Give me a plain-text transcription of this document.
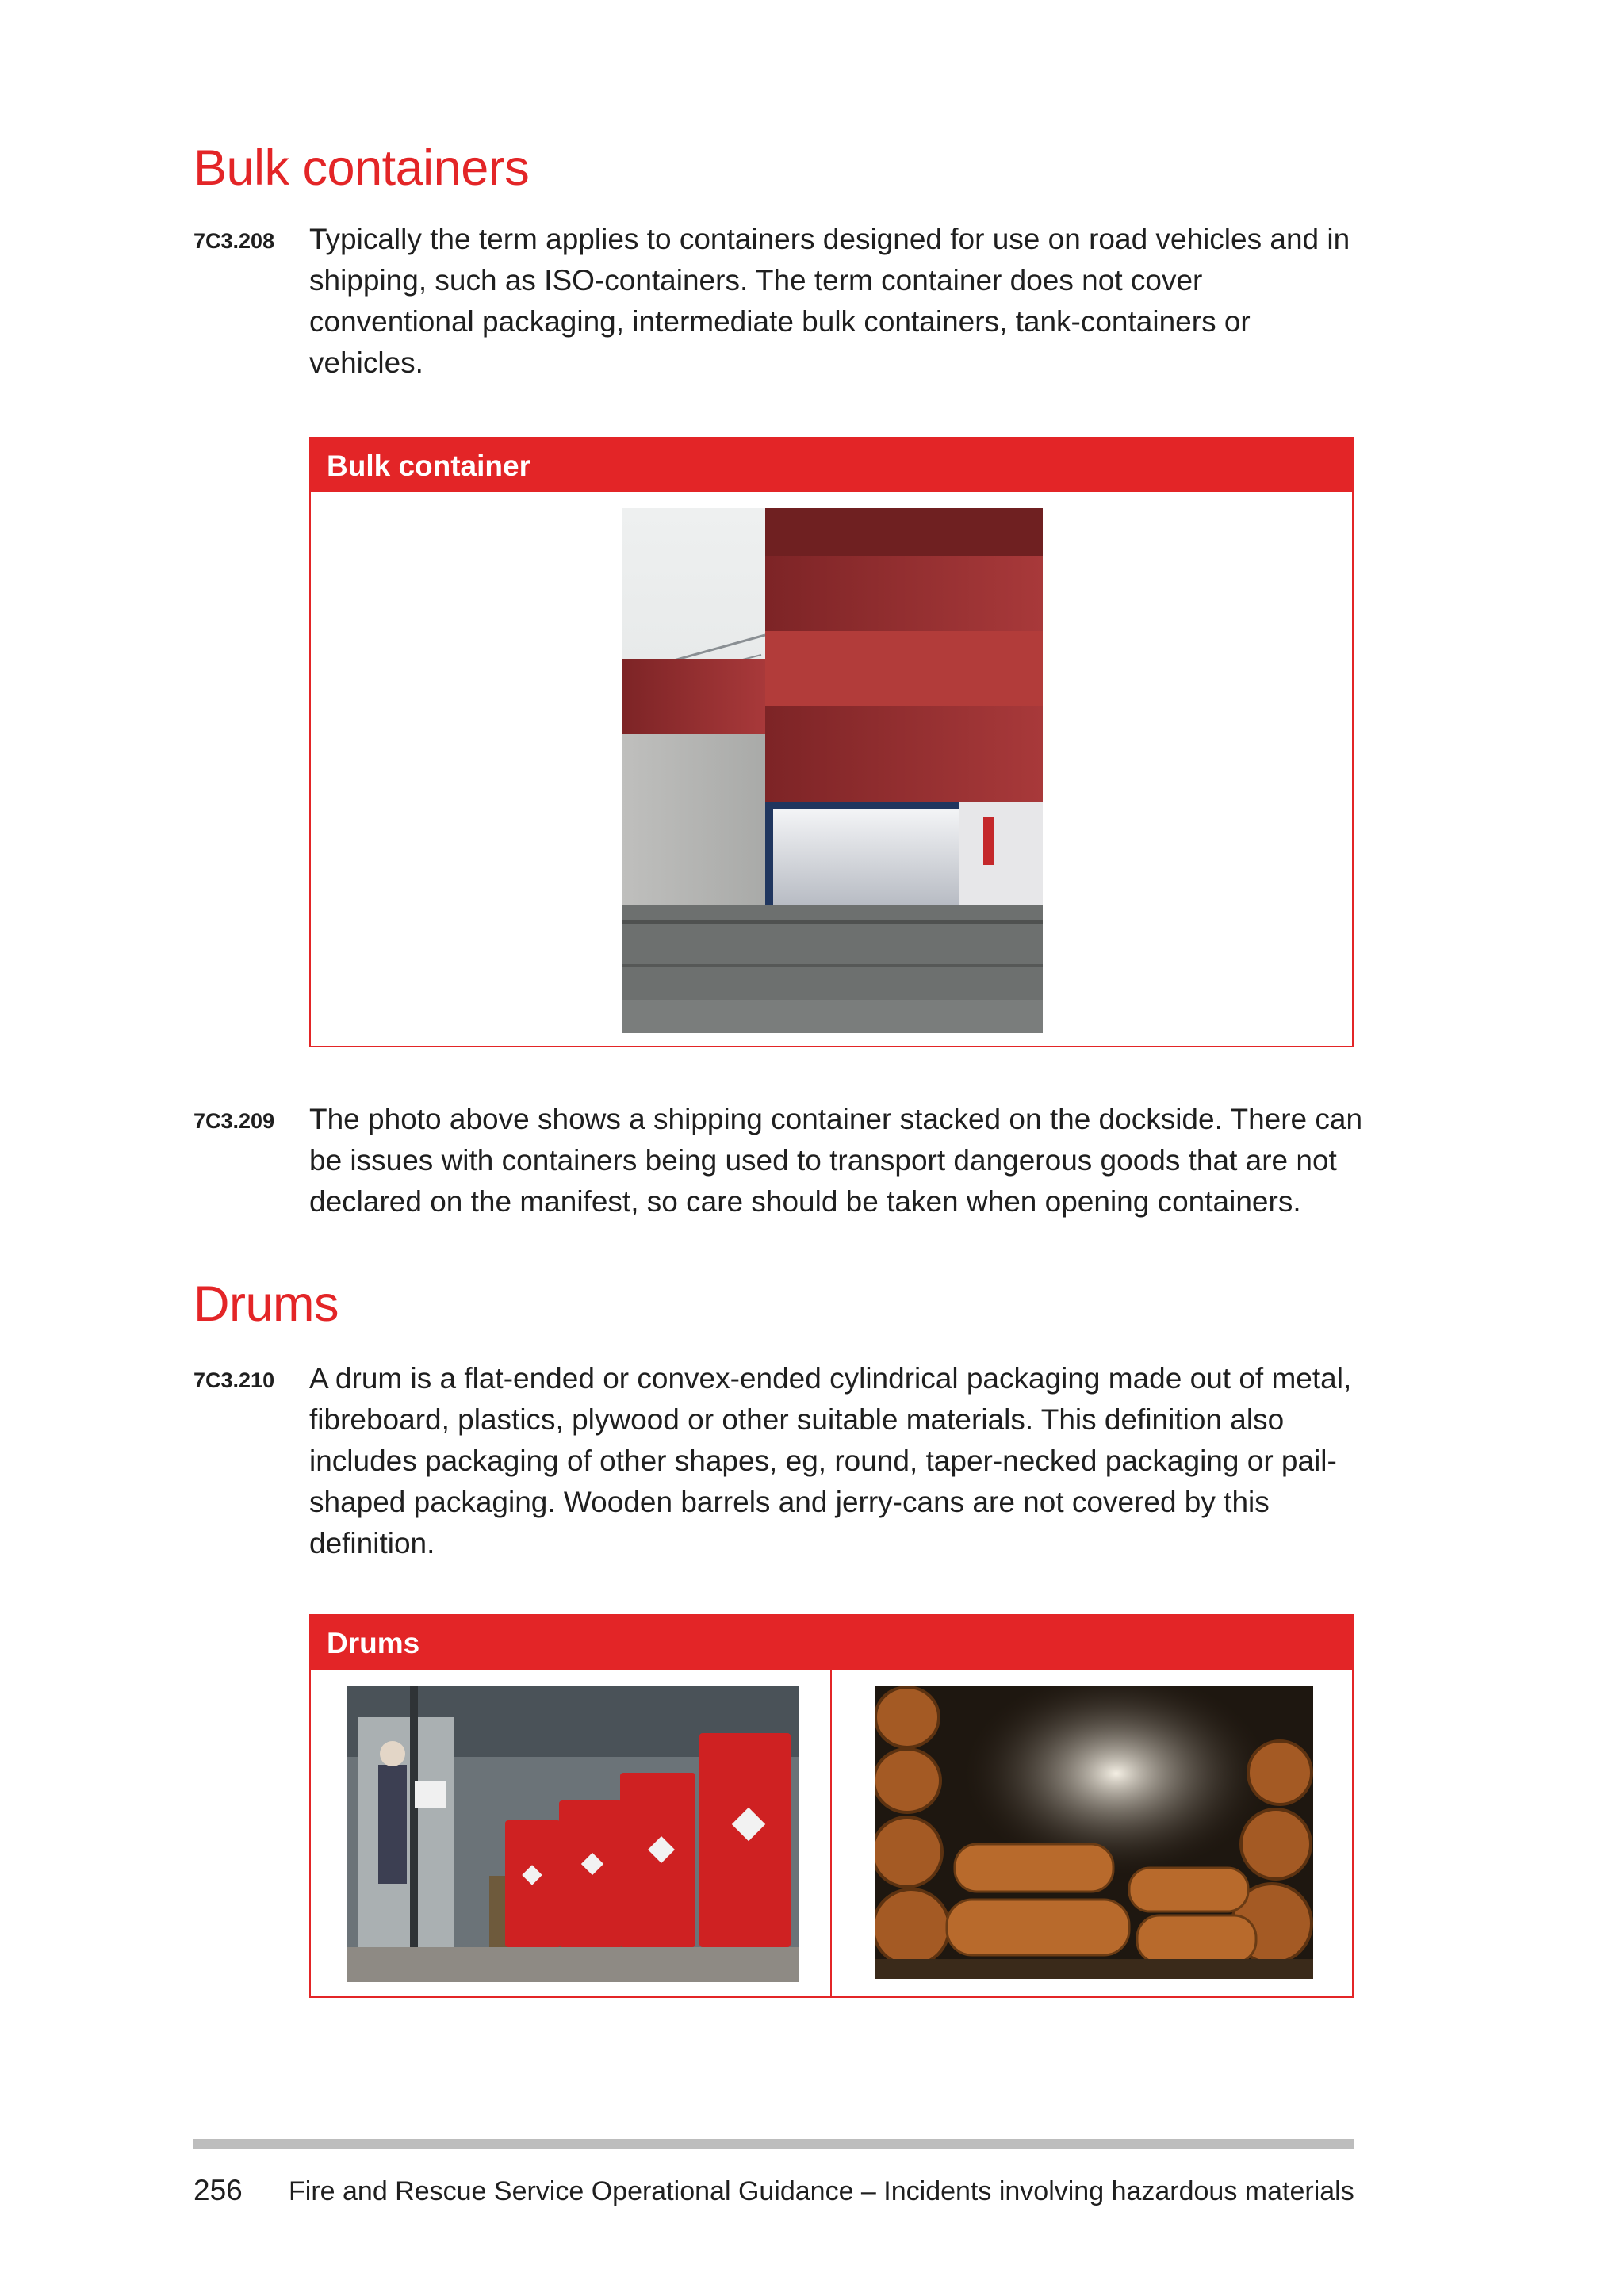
Bulk containers
7C3.208 Typically the term applies to containers designed for use on road vehicles and in shipping, such as ISO-containers. The term container does not cover conventional packaging, intermediate bulk containers, tank-containers or vehicles.

Bulk container
7C3.209 The photo above shows a shipping container stacked on the dockside. There can be issues with containers being used to transport dangerous goods that are not declared on the manifest, so care should be taken when opening containers.

Drums
7C3.210 A drum is a flat-ended or convex-ended cylindrical packaging made out of metal, fibreboard, plastics, plywood or other suitable materials. This definition also includes packaging of other shapes, eg, round, taper-necked packaging or pail-shaped packaging. Wooden barrels and jerry-cans are not covered by this definition.

Drums
256 Fire and Rescue Service Operational Guidance – Incidents involving hazardous materials
